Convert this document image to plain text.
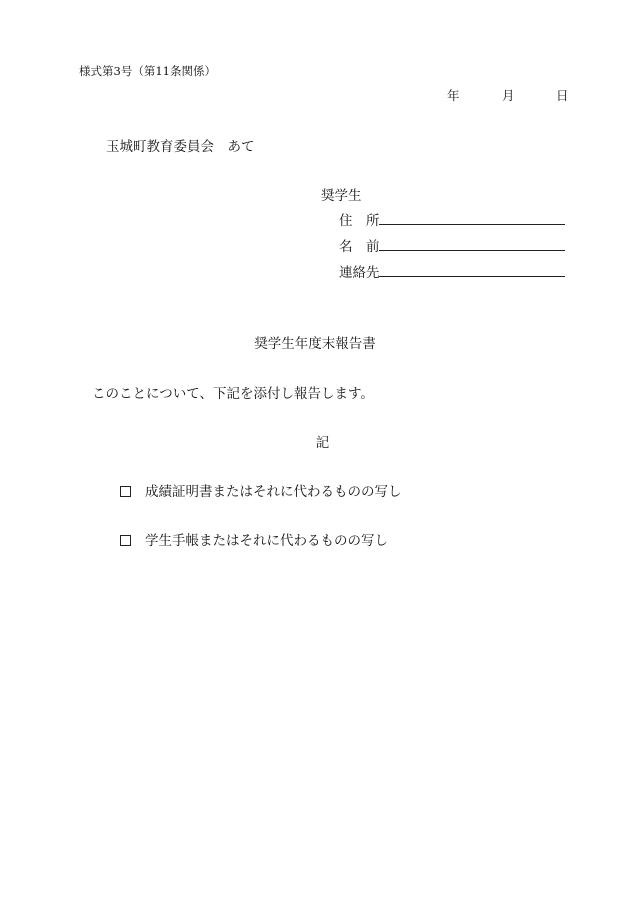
様式第3号（第11条関係）
年	月	日
玉城町教育委員会　あて
奨学生
住　所
名　前
連絡先
奨学生年度末報告書
このことについて、下記を添付し報告します。
記
成績証明書またはそれに代わるものの写し
学生手帳またはそれに代わるものの写し
